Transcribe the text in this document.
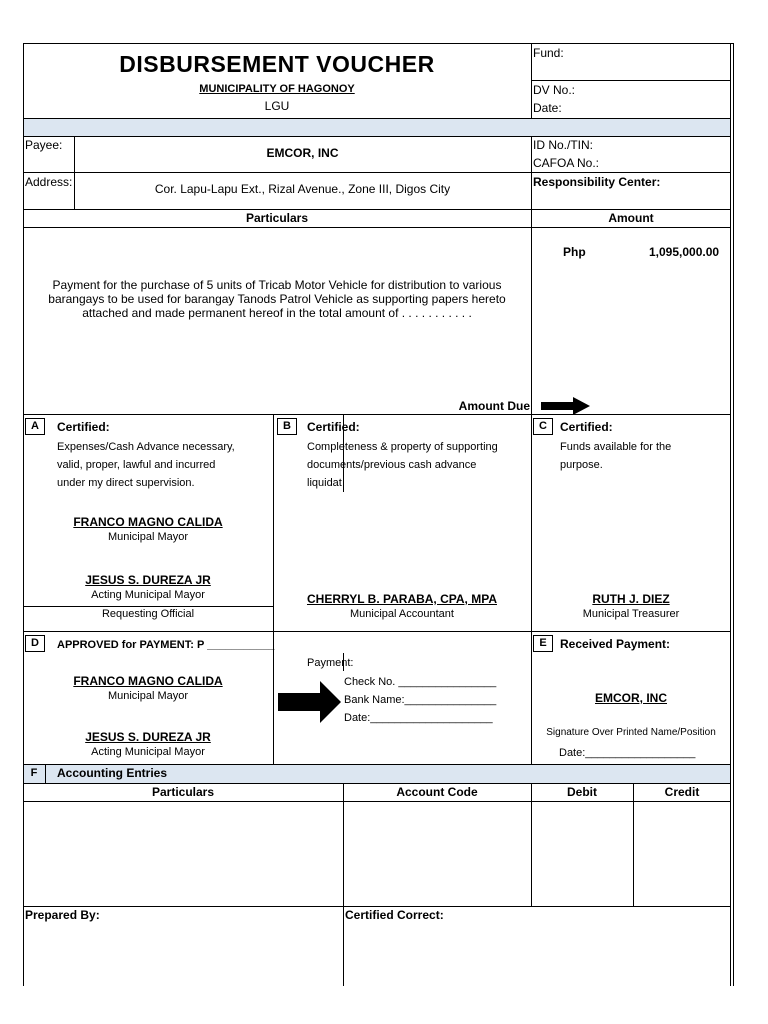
DISBURSEMENT VOUCHER
MUNICIPALITY OF HAGONOY
LGU
Fund:
DV No.:
Date:
Payee:
EMCOR, INC
ID No./TIN:
CAFOA No.:
Address:	Cor. Lapu-Lapu Ext., Rizal Avenue., Zone III, Digos City	Responsibility Center:
Particulars	Amount
Php	1,095,000.00
Payment for the purchase of 5 units of Tricab Motor Vehicle for distribution to various
barangays to be used for barangay Tanods Patrol Vehicle as supporting papers hereto
attached and made permanent hereof in the total amount of . . . . . . . . . . .
Amount Due
A	Certified:
Expenses/Cash Advance necessary,
valid, proper, lawful and incurred
under my direct supervision.
FRANCO MAGNO CALIDA
Municipal Mayor
JESUS S. DUREZA JR
Acting Municipal Mayor
Requesting Official
B	Certified:
Completeness & property of supporting
documents/previous cash advance
liquidat
CHERRYL B. PARABA, CPA, MPA
Municipal Accountant
C	Certified:
Funds available for the
purpose.
RUTH J. DIEZ
Municipal Treasurer
D	APPROVED for PAYMENT: P ___________
FRANCO MAGNO CALIDA
Municipal Mayor
JESUS S. DUREZA JR
Acting Municipal Mayor
Payment:
Check No. ________________
Bank Name:_______________
Date:____________________
E	Received Payment:
EMCOR, INC
Signature Over Printed Name/Position
Date:__________________
F	Accounting Entries
Particulars	Account Code	Debit	Credit
Prepared By:	Certified Correct:
